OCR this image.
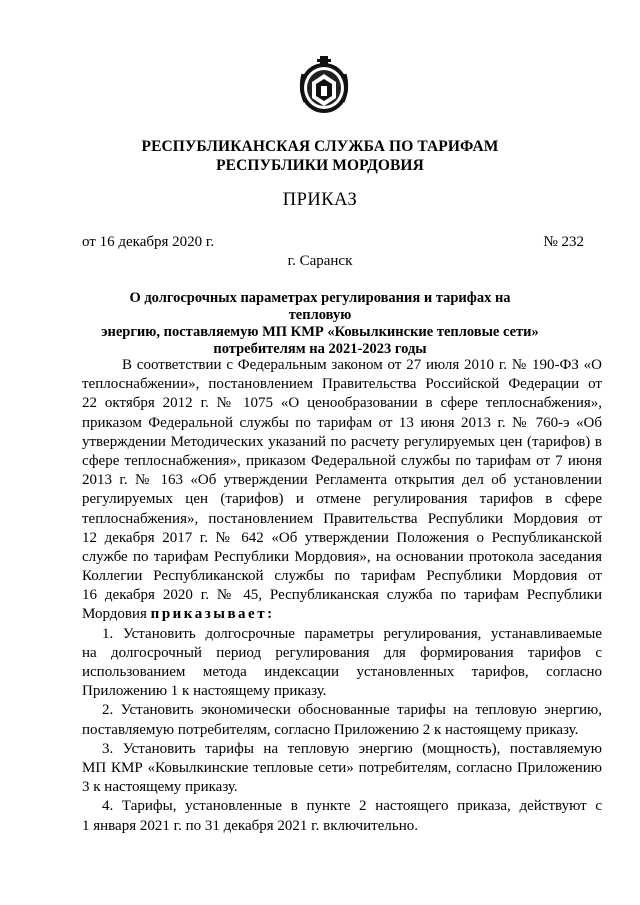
РЕСПУБЛИКАНСКАЯ СЛУЖБА ПО ТАРИФАМ
РЕСПУБЛИКИ МОРДОВИЯ
ПРИКАЗ
от 16 декабря 2020 г.	№ 232
г. Саранск
О долгосрочных параметрах регулирования и тарифах на тепловую
энергию, поставляемую МП КМР «Ковылкинские тепловые сети»
потребителям на 2021-2023 годы
В соответствии с Федеральным законом от 27 июля 2010 г. № 190-ФЗ «О
теплоснабжении», постановлением Правительства Российской Федерации от
22 октября 2012 г. № 1075 «О ценообразовании в сфере теплоснабжения»,
приказом Федеральной службы по тарифам от 13 июня 2013 г. № 760-э «Об
утверждении Методических указаний по расчету регулируемых цен (тарифов) в
сфере теплоснабжения», приказом Федеральной службы по тарифам от 7 июня
2013 г. № 163 «Об утверждении Регламента открытия дел об установлении
регулируемых цен (тарифов) и отмене регулирования тарифов в сфере
теплоснабжения», постановлением Правительства Республики Мордовия от
12 декабря 2017 г. № 642 «Об утверждении Положения о Республиканской
службе по тарифам Республики Мордовия», на основании протокола заседания
Коллегии Республиканской службы по тарифам Республики Мордовия от
16 декабря 2020 г. № 45, Республиканская служба по тарифам Республики
Мордовия приказывает:
1. Установить долгосрочные параметры регулирования, устанавливаемые
на долгосрочный период регулирования для формирования тарифов с
использованием метода индексации установленных тарифов, согласно
Приложению 1 к настоящему приказу.
2. Установить экономически обоснованные тарифы на тепловую энергию,
поставляемую потребителям, согласно Приложению 2 к настоящему приказу.
3. Установить тарифы на тепловую энергию (мощность), поставляемую
МП КМР «Ковылкинские тепловые сети» потребителям, согласно Приложению
3 к настоящему приказу.
4. Тарифы, установленные в пункте 2 настоящего приказа, действуют с
1 января 2021 г. по 31 декабря 2021 г. включительно.
